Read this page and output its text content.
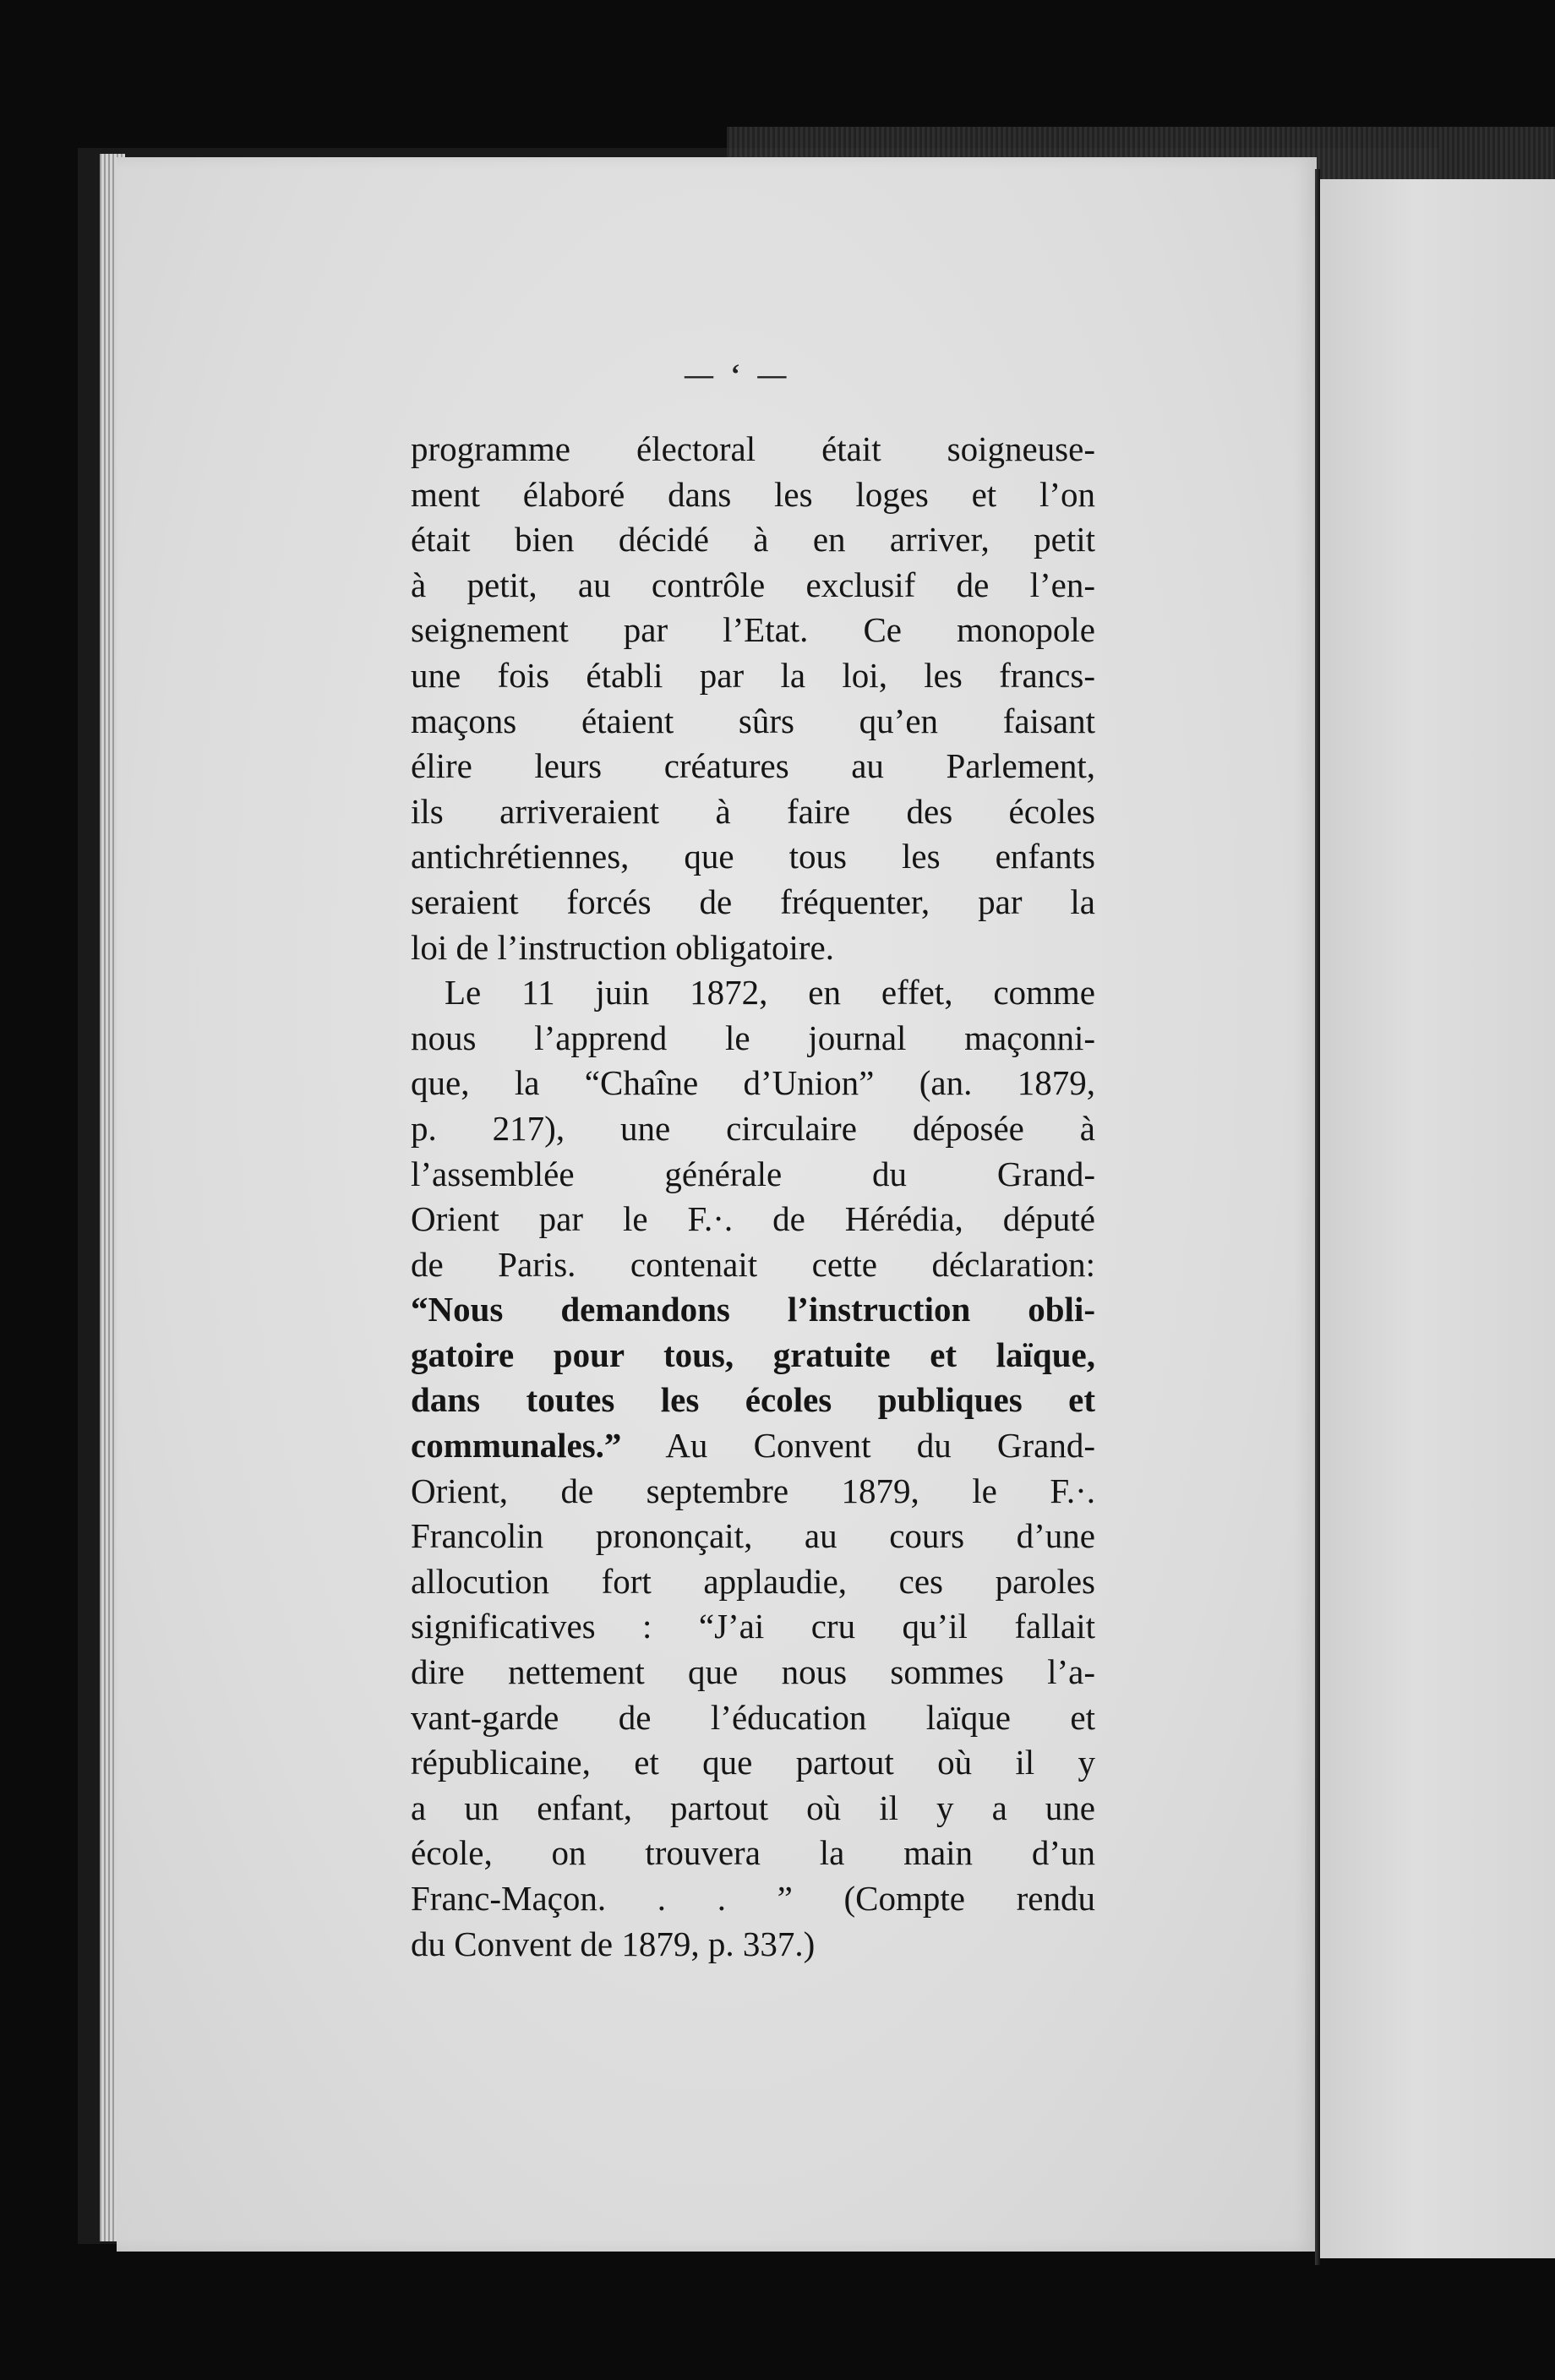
— ‘ —
programme électoral était soigneuse-
ment élaboré dans les loges et l’on
était bien décidé à en arriver, petit
à petit, au contrôle exclusif de l’en-
seignement par l’Etat. Ce monopole
une fois établi par la loi, les francs-
maçons étaient sûrs qu’en faisant
élire leurs créatures au Parlement,
ils arriveraient à faire des écoles
antichrétiennes, que tous les enfants
seraient forcés de fréquenter, par la
loi de l’instruction obligatoire.
Le 11 juin 1872, en effet, comme
nous l’apprend le journal maçonni-
que, la “Chaîne d’Union” (an. 1879,
p. 217), une circulaire déposée à
l’assemblée générale du Grand-
Orient par le F.·. de Hérédia, député
de Paris. contenait cette déclaration:
“Nous demandons l’instruction obli-
gatoire pour tous, gratuite et laïque,
dans toutes les écoles publiques et
communales.” Au Convent du Grand-
Orient, de septembre 1879, le F.·.
Francolin prononçait, au cours d’une
allocution fort applaudie, ces paroles
significatives : “J’ai cru qu’il fallait
dire nettement que nous sommes l’a-
vant-garde de l’éducation laïque et
républicaine, et que partout où il y
a un enfant, partout où il y a une
école, on trouvera la main d’un
Franc-Maçon. . . ” (Compte rendu
du Convent de 1879, p. 337.)
